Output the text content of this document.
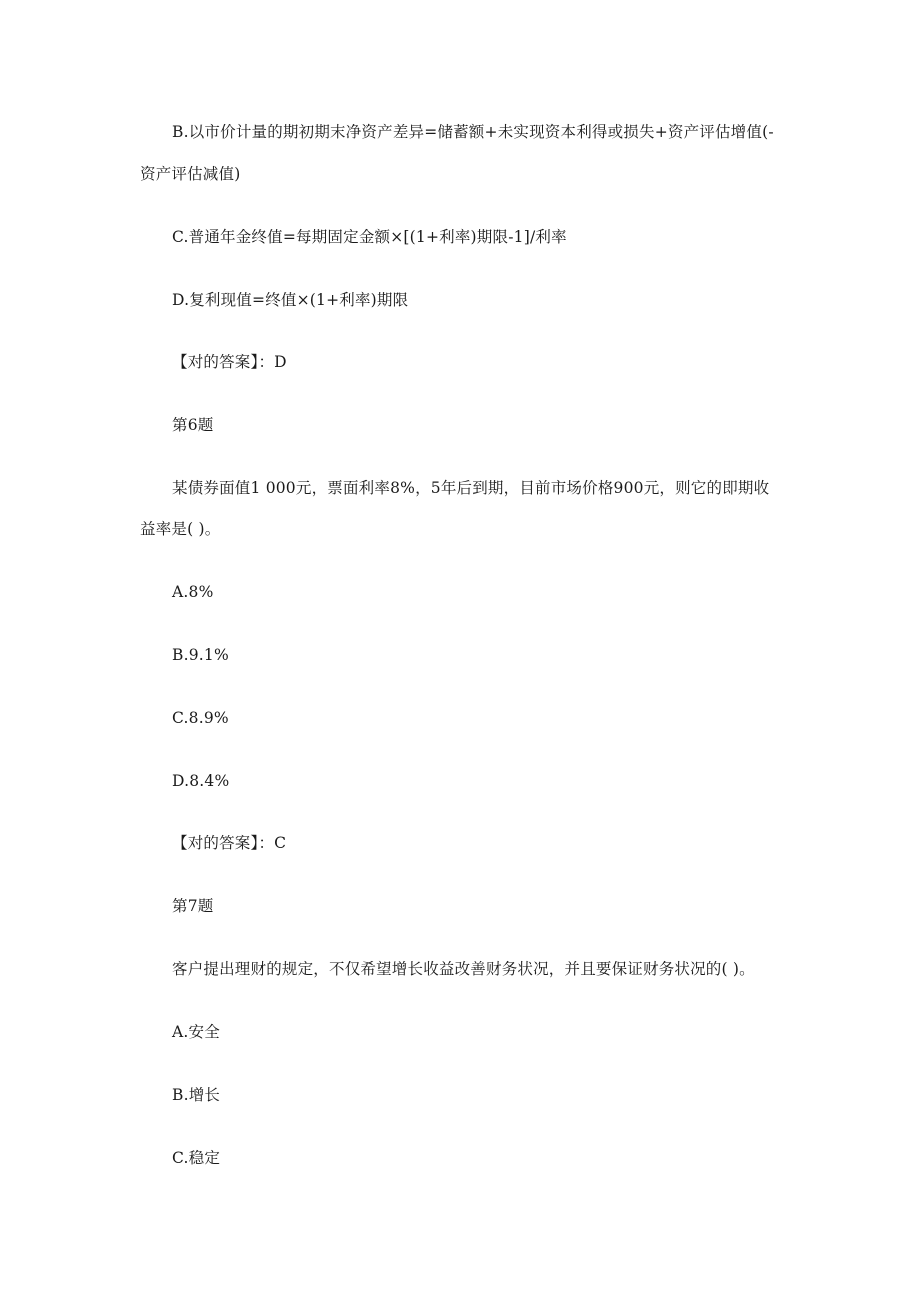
B.以市价计量的期初期末净资产差异=储蓄额+未实现资本利得或损失+资产评估增值(-
资产评估减值)
C.普通年金终值=每期固定金额×[(1+利率)期限-1]/利率
D.复利现值=终值×(1+利率)期限
【对的答案】：D
第6题
某债券面值1 000元，票面利率8%，5年后到期，目前市场价格900元，则它的即期收
益率是( )。
A.8%
B.9.1%
C.8.9%
D.8.4%
【对的答案】：C
第7题
客户提出理财的规定，不仅希望增长收益改善财务状况，并且要保证财务状况的( )。
A.安全
B.增长
C.稳定
